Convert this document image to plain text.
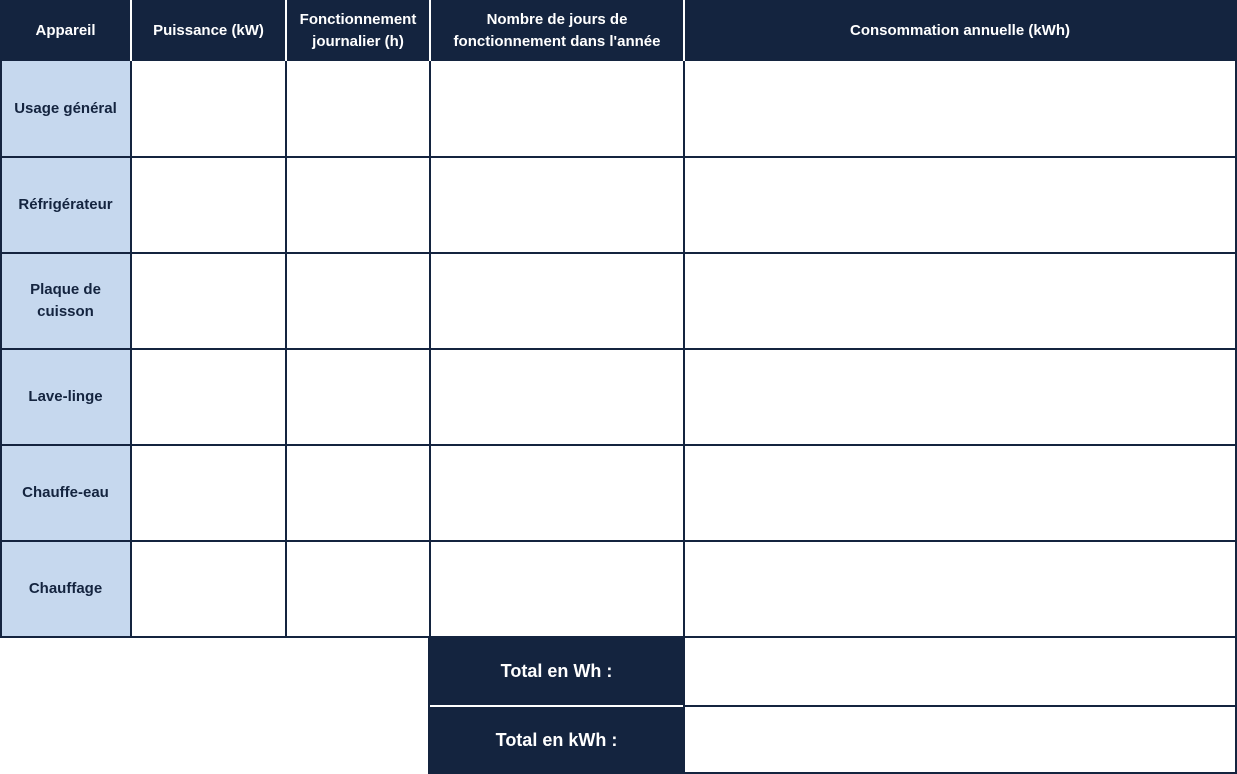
Appareil	Puissance (kW)
Fonctionnement journalier (h)
Nombre de jours de fonctionnement dans l'année
Consommation annuelle (kWh)
Usage général
Réfrigérateur
Plaque de cuisson
Lave-linge
Chauffe-eau
Chauffage
Total en Wh :
Total en kWh :
